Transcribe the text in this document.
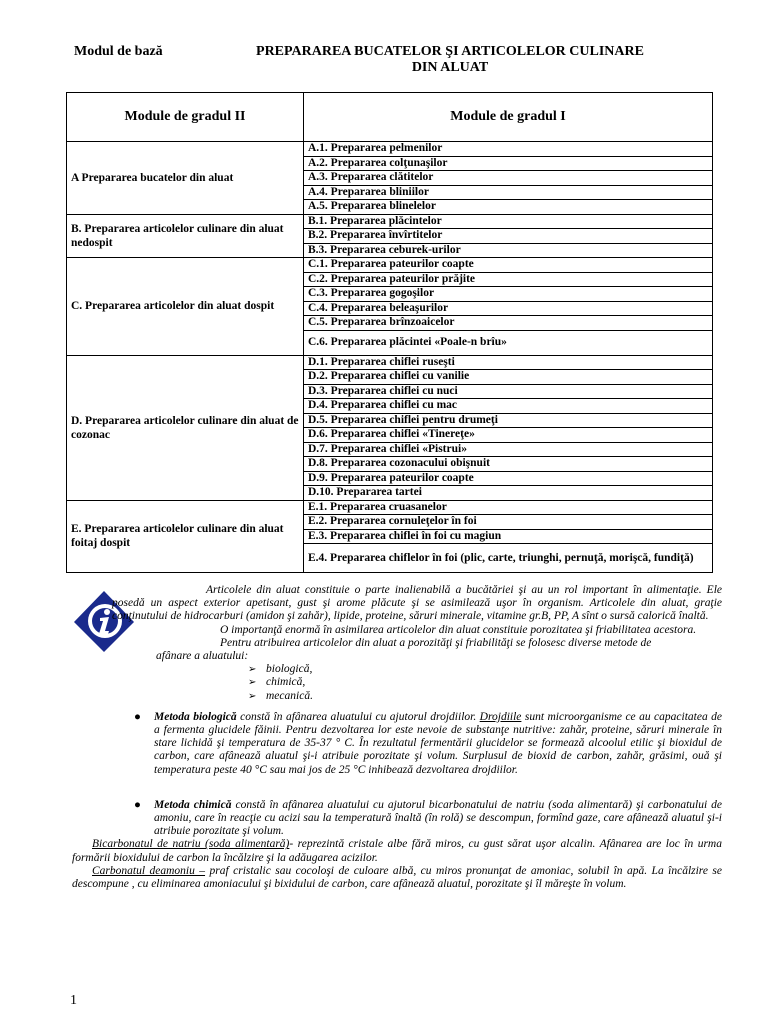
Modul de bază	PREPARAREA BUCATELOR ŞI ARTICOLELOR CULINARE
DIN ALUAT
Module de gradul II	Module de gradul I
A Prepararea bucatelor din aluat	A.1. Prepararea pelmenilor
	A.2. Prepararea colţunaşilor
	A.3. Prepararea clătitelor
	A.4. Prepararea bliniilor
	A.5. Prepararea blinelelor
B. Prepararea articolelor culinare din aluat nedospit	B.1. Prepararea plăcintelor
	B.2. Prepararea învîrtitelor
	B.3. Prepararea ceburek-urilor
C. Prepararea articolelor din aluat dospit	C.1. Prepararea pateurilor coapte
	C.2. Prepararea pateurilor prăjite
	C.3. Prepararea gogoşilor
	C.4. Prepararea beleaşurilor
	C.5. Prepararea brînzoaicelor
	C.6. Prepararea plăcintei «Poale-n brîu»
D. Prepararea articolelor culinare din aluat de cozonac	D.1. Prepararea chiflei ruseşti
	D.2. Prepararea chiflei cu vanilie
	D.3. Prepararea chiflei cu nuci
	D.4. Prepararea chiflei cu mac
	D.5. Prepararea chiflei pentru drumeţi
	D.6. Prepararea chiflei «Tinereţe»
	D.7. Prepararea chiflei «Pistrui»
	D.8. Prepararea cozonacului obişnuit
	D.9. Prepararea pateurilor coapte
	D.10. Prepararea tartei
E. Prepararea articolelor culinare din aluat foitaj dospit	E.1. Prepararea cruasanelor
	E.2. Prepararea cornuleţelor în foi
	E.3. Prepararea chiflei în foi cu magiun
	E.4. Prepararea chiflelor în foi (plic, carte, triunghi, pernuţă, morişcă, fundiţă)

Articolele din aluat constituie o parte inalienabilă a bucătăriei şi au un rol important în alimentaţie. Ele posedă un aspect exterior apetisant, gust şi arome plăcute şi se asimilează uşor în organism. Articolele din aluat, graţie conţinutului de hidrocarburi (amidon şi zahăr), lipide, proteine, săruri minerale, vitamine gr.B, PP, A sînt o sursă calorică înaltă.

O importanţă enormă în asimilarea articolelor din aluat constituie porozitatea şi friabilitatea acestora.

Pentru atribuirea articolelor din aluat a porozităţi şi friabilităţi se folosesc diverse metode de

afânare a aluatului:

➢ biologică,
➢ chimică,
➢ mecanică.

● Metoda biologică constă în afânarea aluatului cu ajutorul drojdiilor. Drojdiile sunt microorganisme ce au capacitatea de a fermenta glucidele făinii. Pentru dezvoltarea lor este nevoie de substanţe nutritive: zahăr, proteine, săruri minerale în stare lichidă şi temperatura de 35-37 ° C. În rezultatul fermentării glucidelor se formează alcoolul etilic şi bioxidul de carbon, care afânează aluatul şi-i atribuie porozitate şi volum. Surplusul de bioxid de carbon, zahăr, grăsimi, ouă şi temperatura peste 40 °C sau mai jos de 25 °C inhibează dezvoltarea drojdiilor.

● Metoda chimică constă în afânarea aluatului cu ajutorul bicarbonatului de natriu (soda alimentară) şi carbonatului de amoniu, care în reacţie cu acizi sau la temperatură înaltă (în rolă) se descompun, formînd gaze, care afânează aluatul şi-i atribuie porozitate şi volum.

Bicarbonatul de natriu (soda alimentară)- reprezintă cristale albe fără miros, cu gust sărat uşor alcalin. Afânarea are loc în urma formării bioxidului de carbon la încălzire şi la adăugarea acizilor.

Carbonatul deamoniu – praf cristalic sau cocoloşi de culoare albă, cu miros pronunţat de amoniac, solubil în apă. La încălzire se descompune , cu eliminarea amoniacului şi bixidului de carbon, care afânează aluatul, porozitate şi îl măreşte în volum.

1
